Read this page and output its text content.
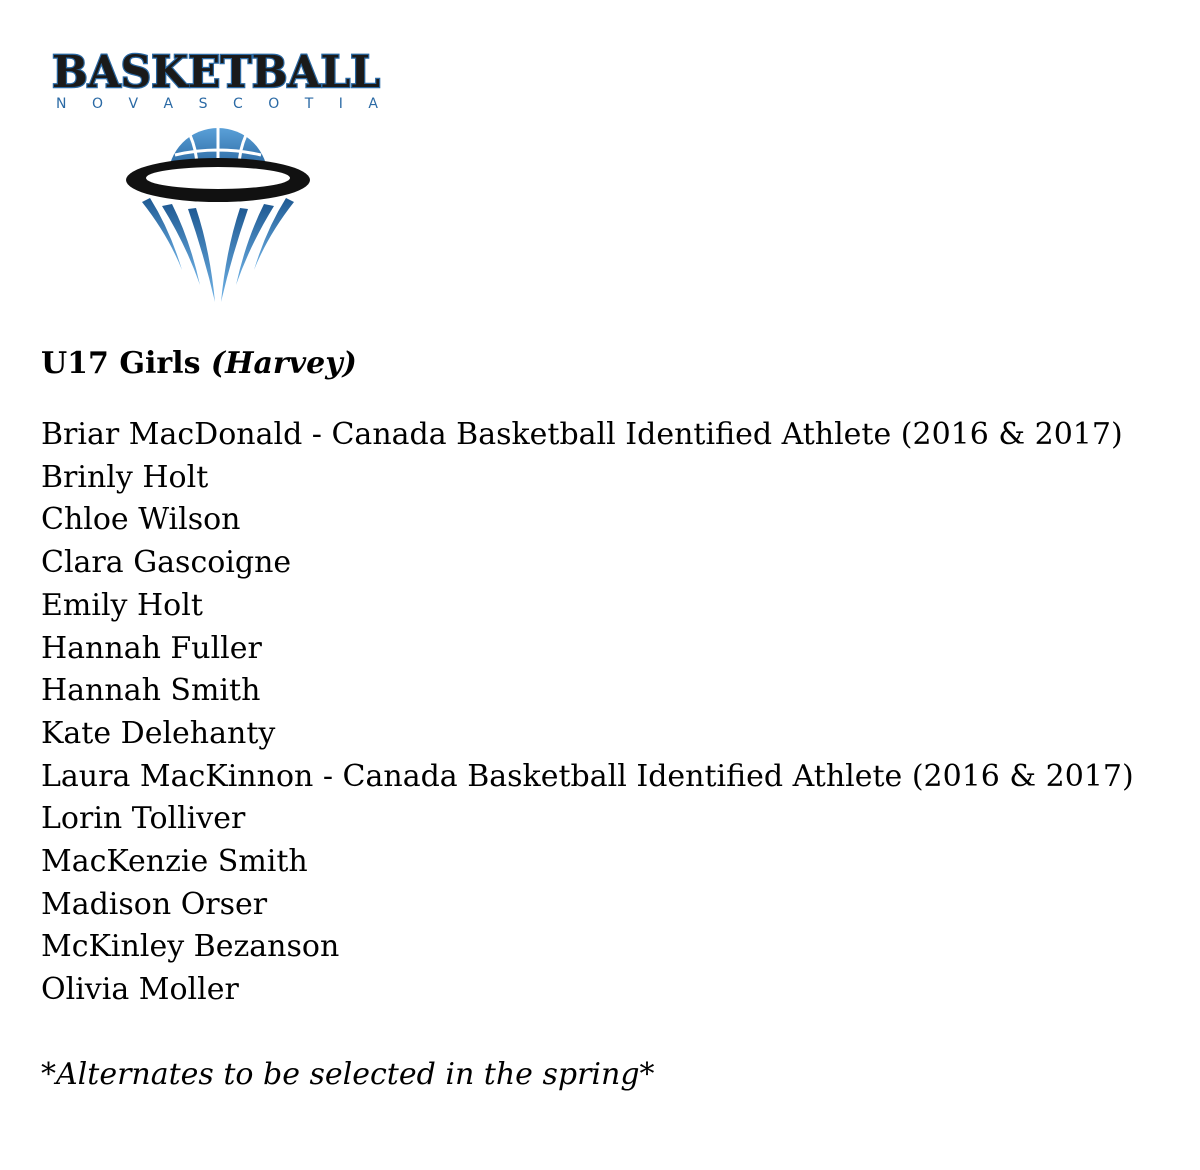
BASKETBALL
N O V A S C O T I A
U17 Girls (Harvey)
Briar MacDonald - Canada Basketball Identified Athlete (2016 & 2017)
Brinly Holt
Chloe Wilson
Clara Gascoigne
Emily Holt
Hannah Fuller
Hannah Smith
Kate Delehanty
Laura MacKinnon - Canada Basketball Identified Athlete (2016 & 2017)
Lorin Tolliver
MacKenzie Smith
Madison Orser
McKinley Bezanson
Olivia Moller

*Alternates to be selected in the spring*
